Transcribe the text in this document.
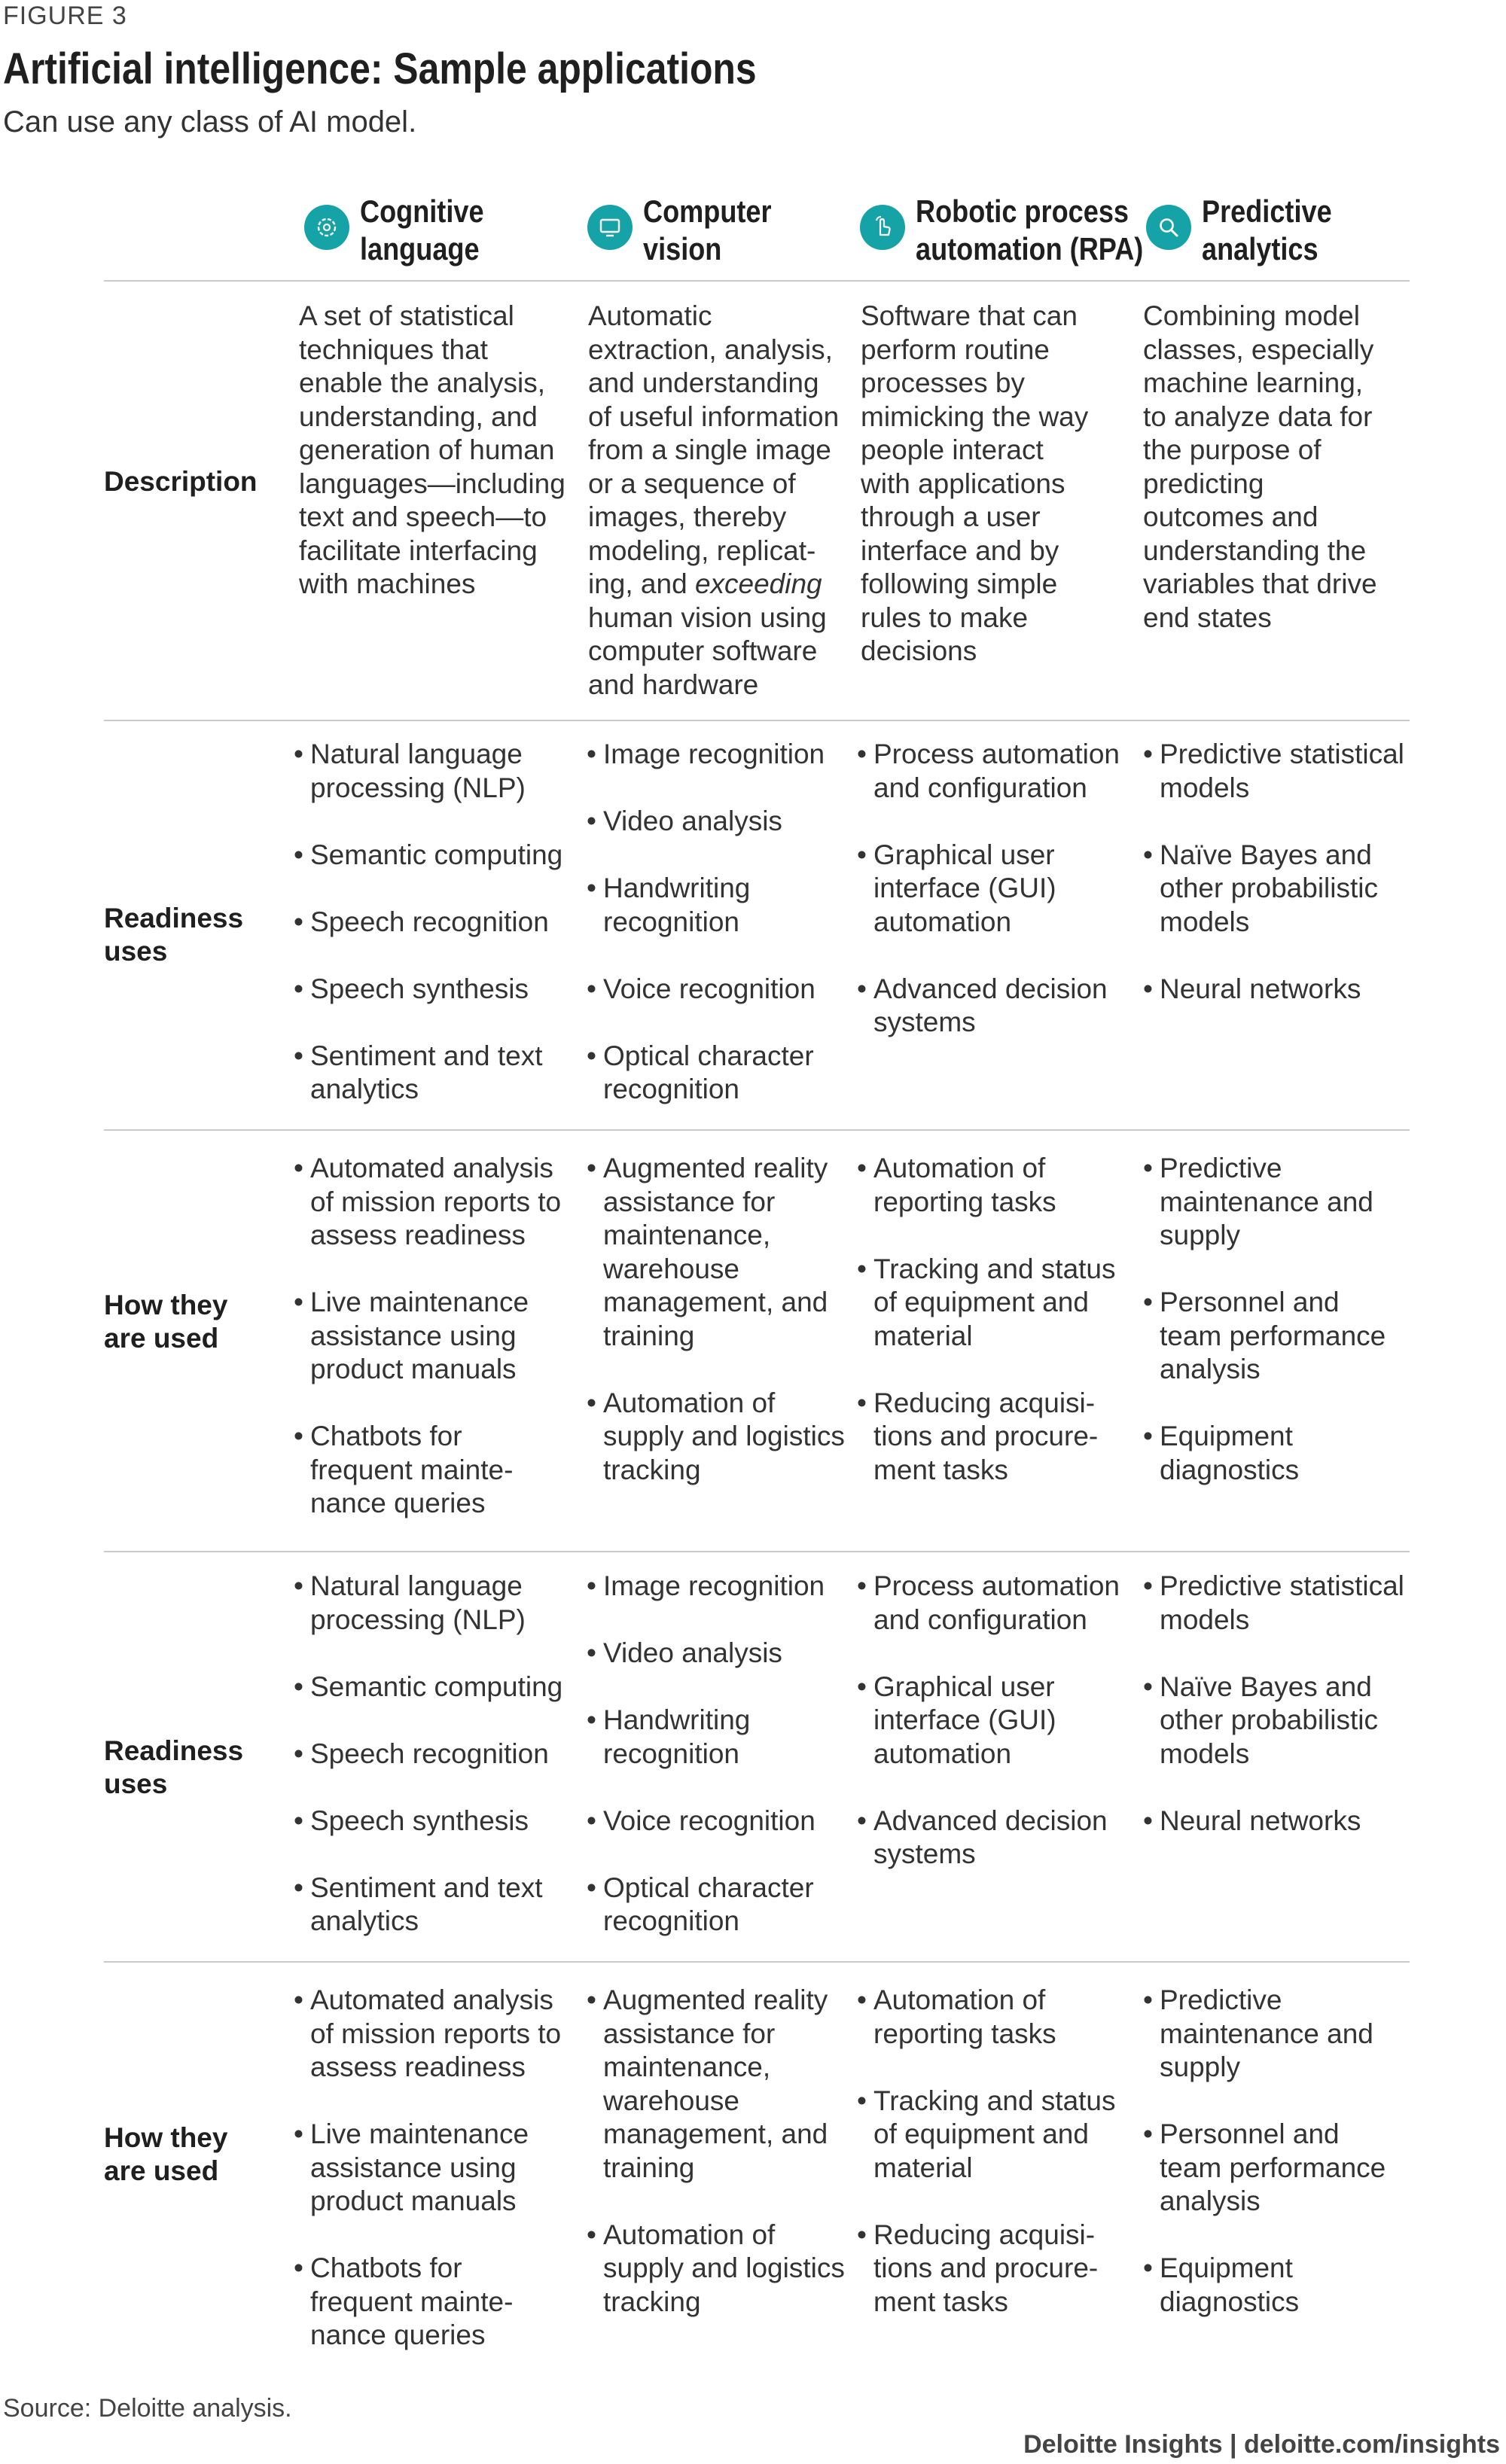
FIGURE 3
Artificial intelligence: Sample applications
Can use any class of AI model.
Cognitive
language
Computer
vision
Robotic process
automation (RPA)
Predictive
analytics
Description
A set of statistical
techniques that
enable the analysis,
understanding, and
generation of human
languages—including
text and speech—to
facilitate interfacing
with machines
Automatic
extraction, analysis,
and understanding
of useful information
from a single image
or a sequence of
images, thereby
modeling, replicat-
ing, and exceeding
human vision using
computer software
and hardware
Software that can
perform routine
processes by
mimicking the way
people interact
with applications
through a user
interface and by
following simple
rules to make
decisions
Combining model
classes, especially
machine learning,
to analyze data for
the purpose of
predicting
outcomes and
understanding the
variables that drive
end states
Readiness
uses
• Natural language
processing (NLP)
• Semantic computing
• Speech recognition
• Speech synthesis
• Sentiment and text
analytics
• Image recognition
• Video analysis
• Handwriting
recognition
• Voice recognition
• Optical character
recognition
• Process automation
and configuration
• Graphical user
interface (GUI)
automation
• Advanced decision
systems
• Predictive statistical
models
• Naïve Bayes and
other probabilistic
models
• Neural networks
How they
are used
• Automated analysis
of mission reports to
assess readiness
• Live maintenance
assistance using
product manuals
• Chatbots for
frequent mainte-
nance queries
• Augmented reality
assistance for
maintenance,
warehouse
management, and
training
• Automation of
supply and logistics
tracking
• Automation of
reporting tasks
• Tracking and status
of equipment and
material
• Reducing acquisi-
tions and procure-
ment tasks
• Predictive
maintenance and
supply
• Personnel and
team performance
analysis
• Equipment
diagnostics
Readiness
uses
• Natural language
processing (NLP)
• Semantic computing
• Speech recognition
• Speech synthesis
• Sentiment and text
analytics
• Image recognition
• Video analysis
• Handwriting
recognition
• Voice recognition
• Optical character
recognition
• Process automation
and configuration
• Graphical user
interface (GUI)
automation
• Advanced decision
systems
• Predictive statistical
models
• Naïve Bayes and
other probabilistic
models
• Neural networks
How they
are used
• Automated analysis
of mission reports to
assess readiness
• Live maintenance
assistance using
product manuals
• Chatbots for
frequent mainte-
nance queries
• Augmented reality
assistance for
maintenance,
warehouse
management, and
training
• Automation of
supply and logistics
tracking
• Automation of
reporting tasks
• Tracking and status
of equipment and
material
• Reducing acquisi-
tions and procure-
ment tasks
• Predictive
maintenance and
supply
• Personnel and
team performance
analysis
• Equipment
diagnostics
Source: Deloitte analysis.
Deloitte Insights | deloitte.com/insights
